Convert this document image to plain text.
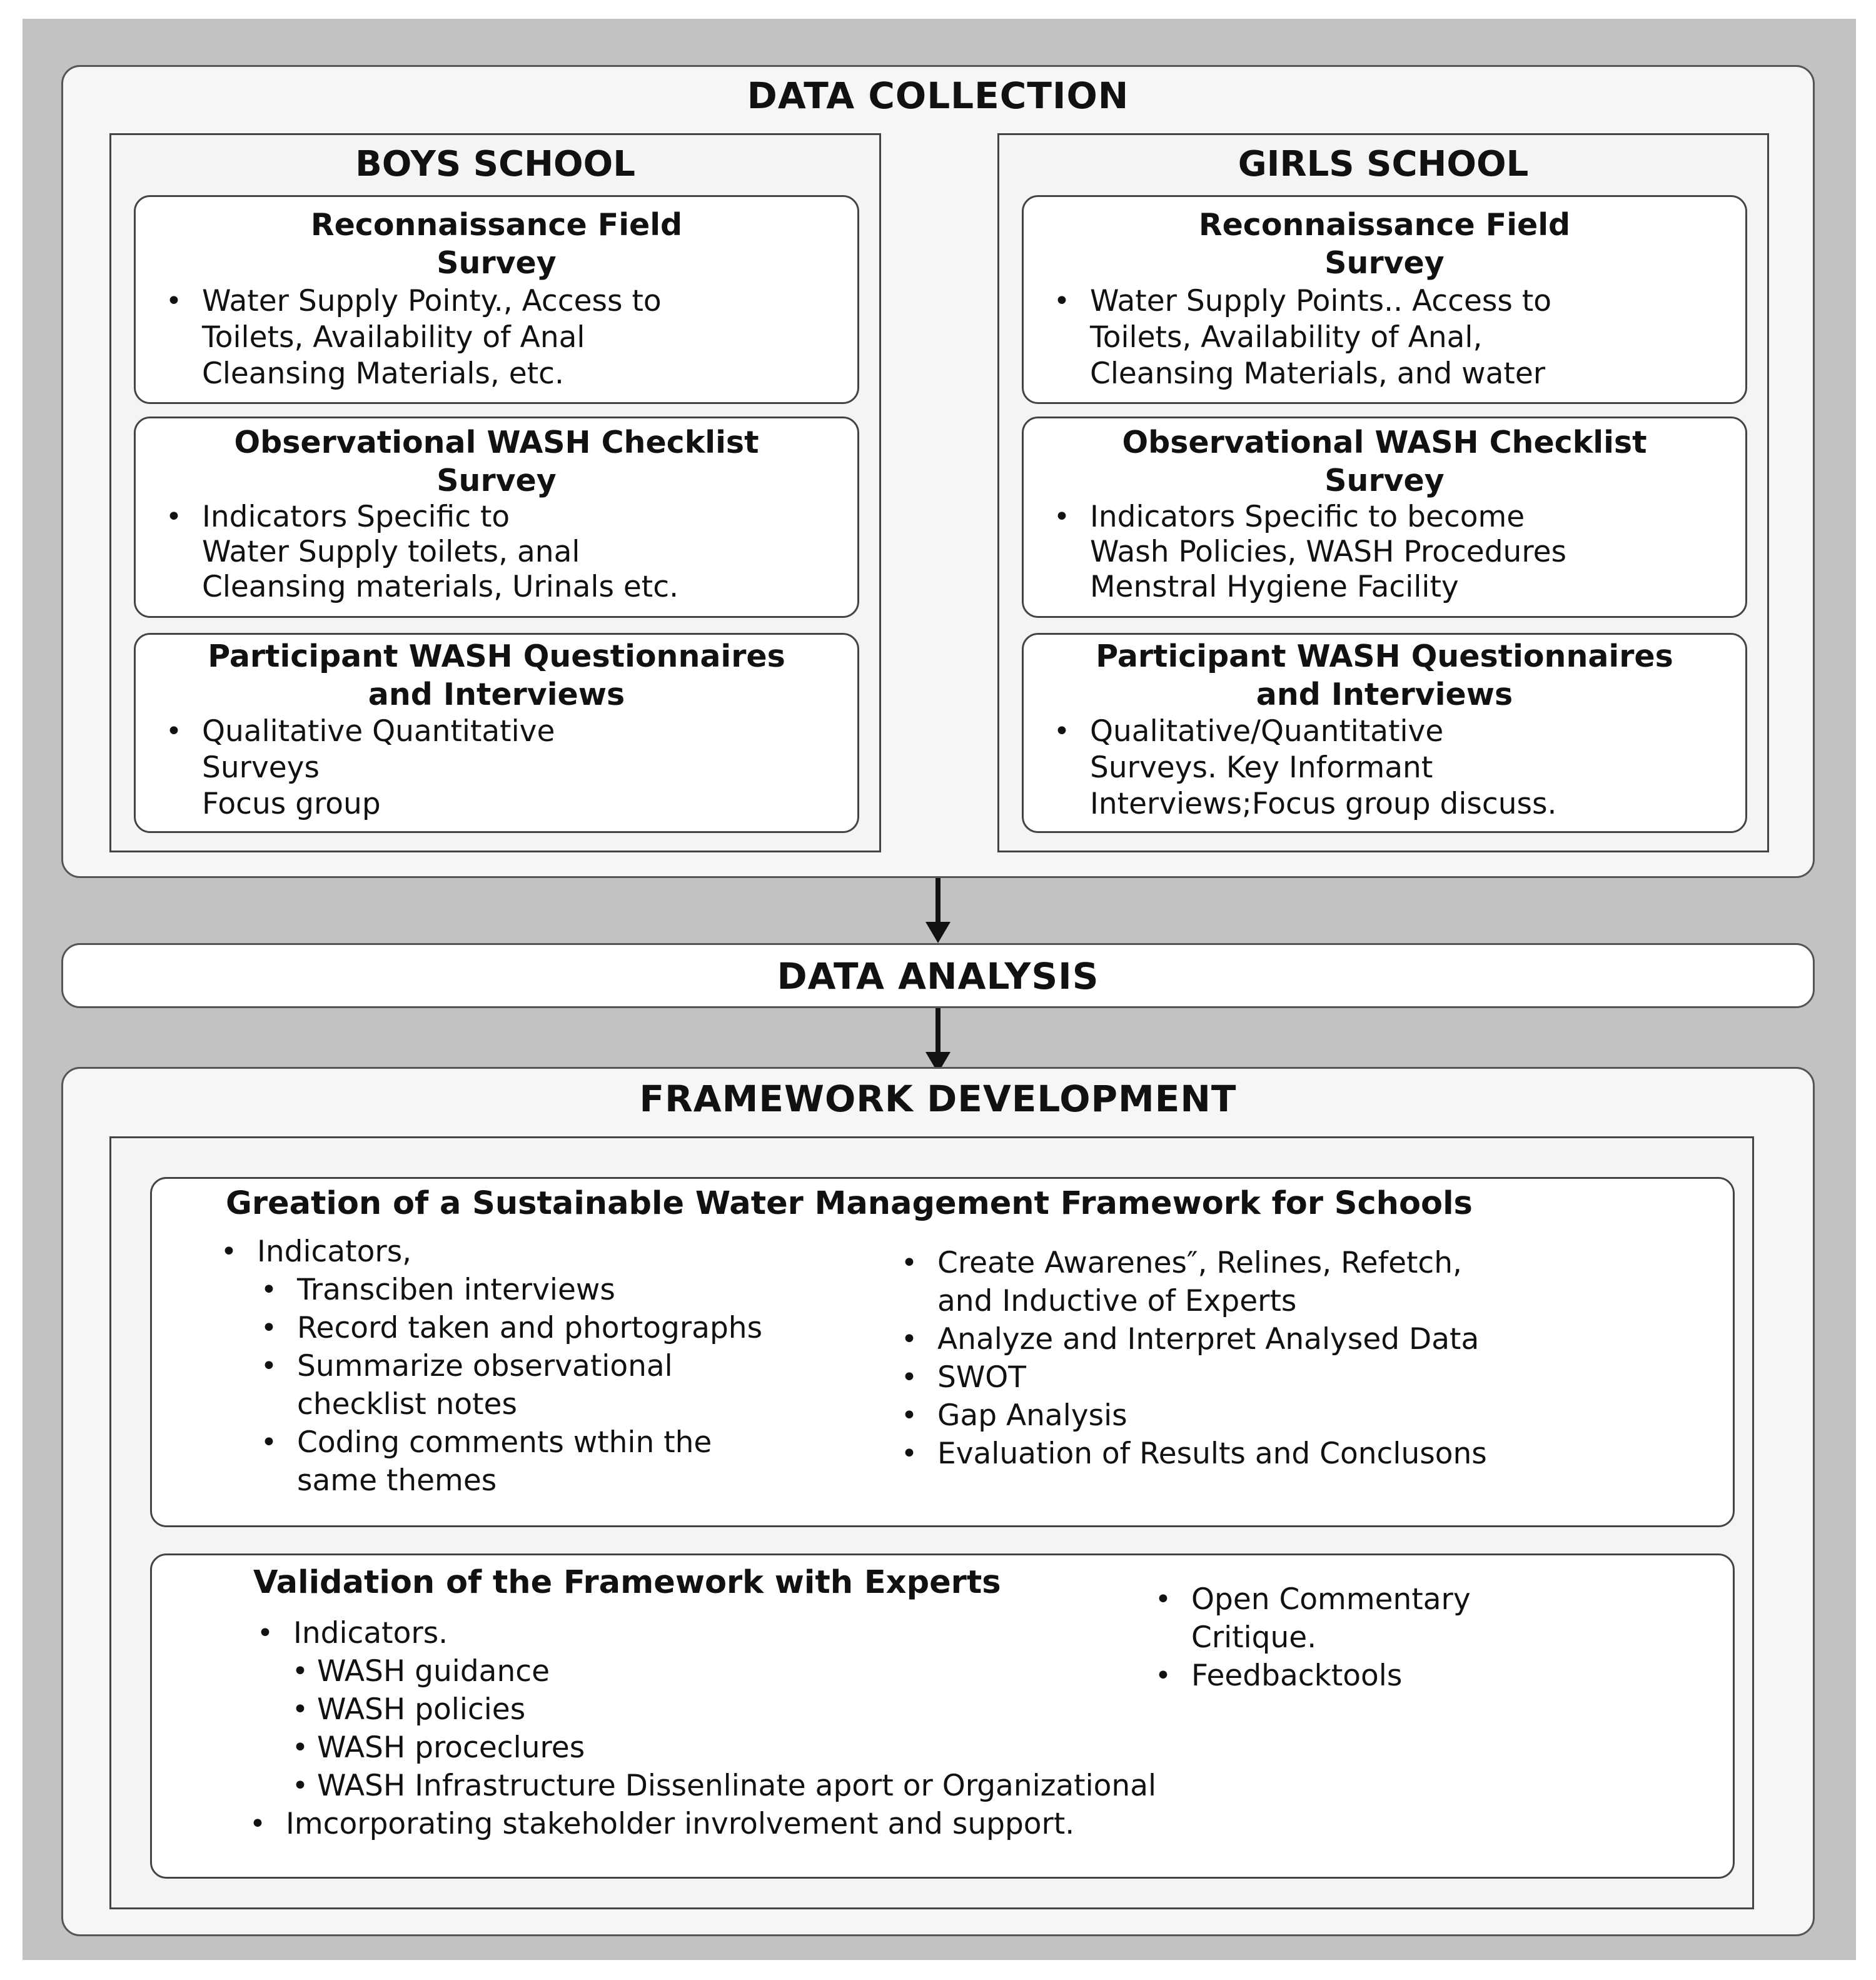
DATA COLLECTION
BOYS SCHOOL
Reconnaissance Field
Survey
• Water Supply Pointy., Access to
Toilets, Availability of Anal
Cleansing Materials, etc.
Observational WASH Checklist
Survey
• Indicators Specific to
Water Supply toilets, anal
Cleansing materials, Urinals etc.
Participant WASH Questionnaires
and Interviews
• Qualitative Quantitative
Surveys
Focus group
GIRLS SCHOOL
Reconnaissance Field
Survey
• Water Supply Points.. Access to
Toilets, Availability of Anal,
Cleansing Materials, and water
Observational WASH Checklist
Survey
• Indicators Specific to become
Wash Policies, WASH Procedures
Menstral Hygiene Facility
Participant WASH Questionnaires
and Interviews
• Qualitative/Quantitative
Surveys. Key Informant
Interviews;Focus group discuss.
DATA ANALYSIS
FRAMEWORK DEVELOPMENT
Greation of a Sustainable Water Management Framework for Schools
• Indicators,
• Transciben interviews
• Record taken and phortographs
• Summarize observational
checklist notes
• Coding comments wthin the
same themes
• Create Awarenes″, Relines, Refetch,
and Inductive of Experts
• Analyze and Interpret Analysed Data
• SWOT
• Gap Analysis
• Evaluation of Results and Conclusons
Validation of the Framework with Experts
• Indicators.
• WASH guidance
• WASH policies
• WASH proceclures
• WASH Infrastructure Dissenlinate aport or Organizational
• Imcorporating stakeholder invrolvement and support.
• Open Commentary
Critique.
• Feedbacktools
